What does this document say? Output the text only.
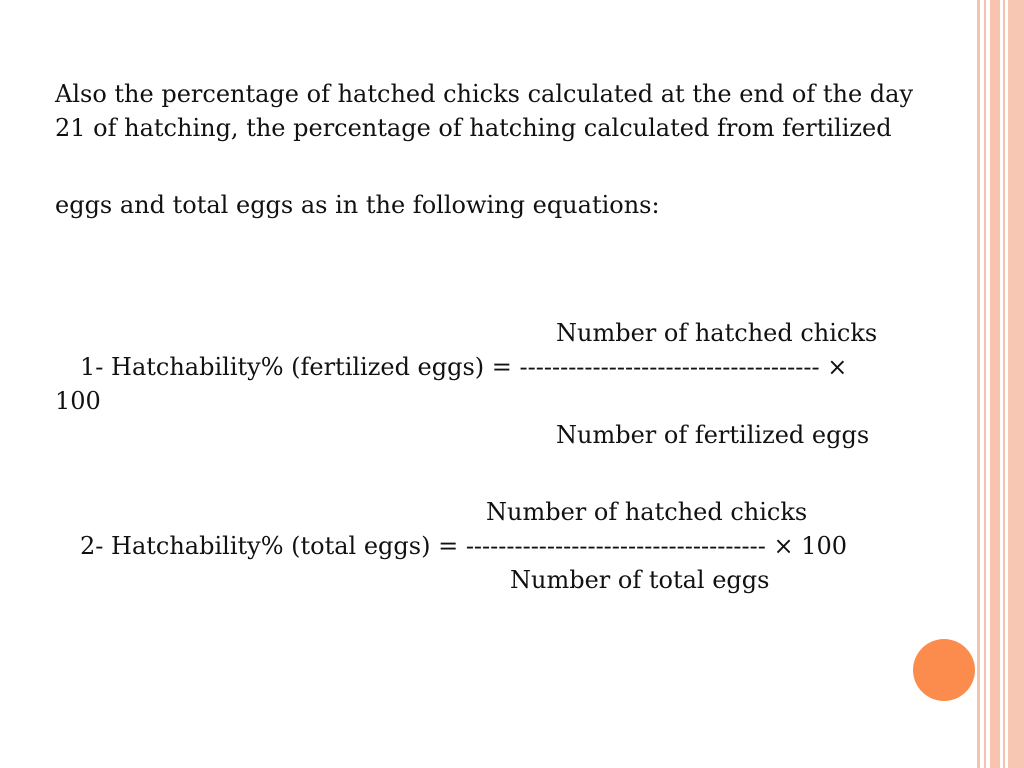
Also the percentage of hatched chicks calculated at the end of the day 21 of hatching, the percentage of hatching calculated from fertilized
eggs and total eggs as in the following equations:
Number of hatched chicks
1- Hatchability% (fertilized eggs) = ------------------------------------- ×
100
Number of fertilized eggs
Number of hatched chicks
2- Hatchability% (total eggs) = ------------------------------------- × 100
Number of total eggs
